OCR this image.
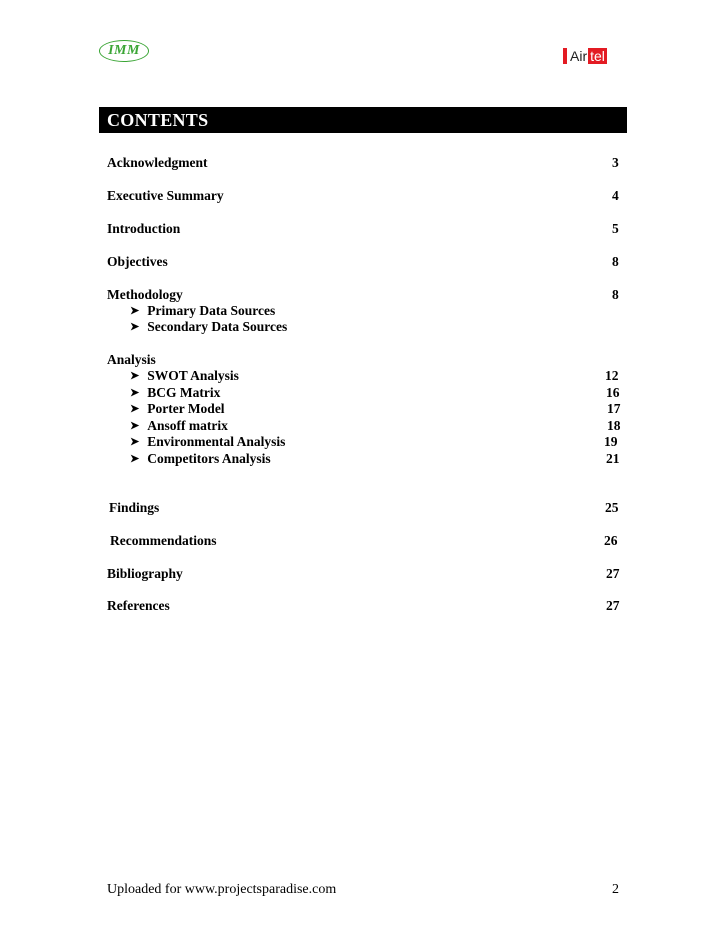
IMM	Air tel
CONTENTS
Acknowledgment	3
Executive Summary	4
Introduction	5
Objectives	8
Methodology	8
➤ Primary Data Sources
➤ Secondary Data Sources
Analysis
➤ SWOT Analysis	12
➤ BCG Matrix	16
➤ Porter Model	17
➤ Ansoff matrix	18
➤ Environmental Analysis	19
➤ Competitors Analysis	21
Findings	25
Recommendations	26
Bibliography	27
References	27
Uploaded for www.projectsparadise.com	2
